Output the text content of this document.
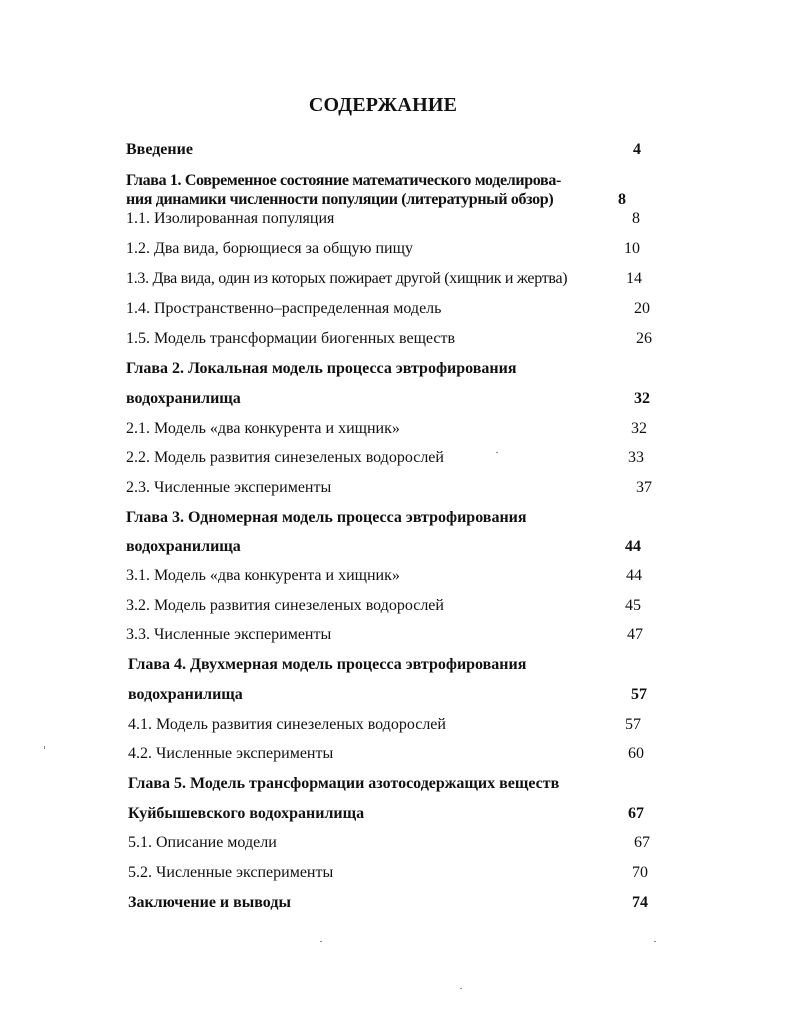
СОДЕРЖАНИЕ
Введение	4
Глава 1. Современное состояние математического моделирова-
ния динамики численности популяции (литературный обзор)	8
1.1. Изолированная популяция	8
1.2. Два вида, борющиеся за общую пищу	10
1.3. Два вида, один из которых пожирает другой (хищник и жертва)	14
1.4. Пространственно–распределенная модель	20
1.5. Модель трансформации биогенных веществ	26
Глава 2. Локальная модель процесса эвтрофирования
водохранилища	32
2.1. Модель «два конкурента и хищник»	32
2.2. Модель развития синезеленых водорослей	33
2.3. Численные эксперименты	37
Глава 3. Одномерная модель процесса эвтрофирования
водохранилища	44
3.1. Модель «два конкурента и хищник»	44
3.2. Модель развития синезеленых водорослей	45
3.3. Численные эксперименты	47
Глава 4. Двухмерная модель процесса эвтрофирования
водохранилища	57
4.1. Модель развития синезеленых водорослей	57
4.2. Численные эксперименты	60
Глава 5. Модель трансформации азотосодержащих веществ
Куйбышевского водохранилища	67
5.1. Описание модели	67
5.2. Численные эксперименты	70
Заключение и выводы	74
